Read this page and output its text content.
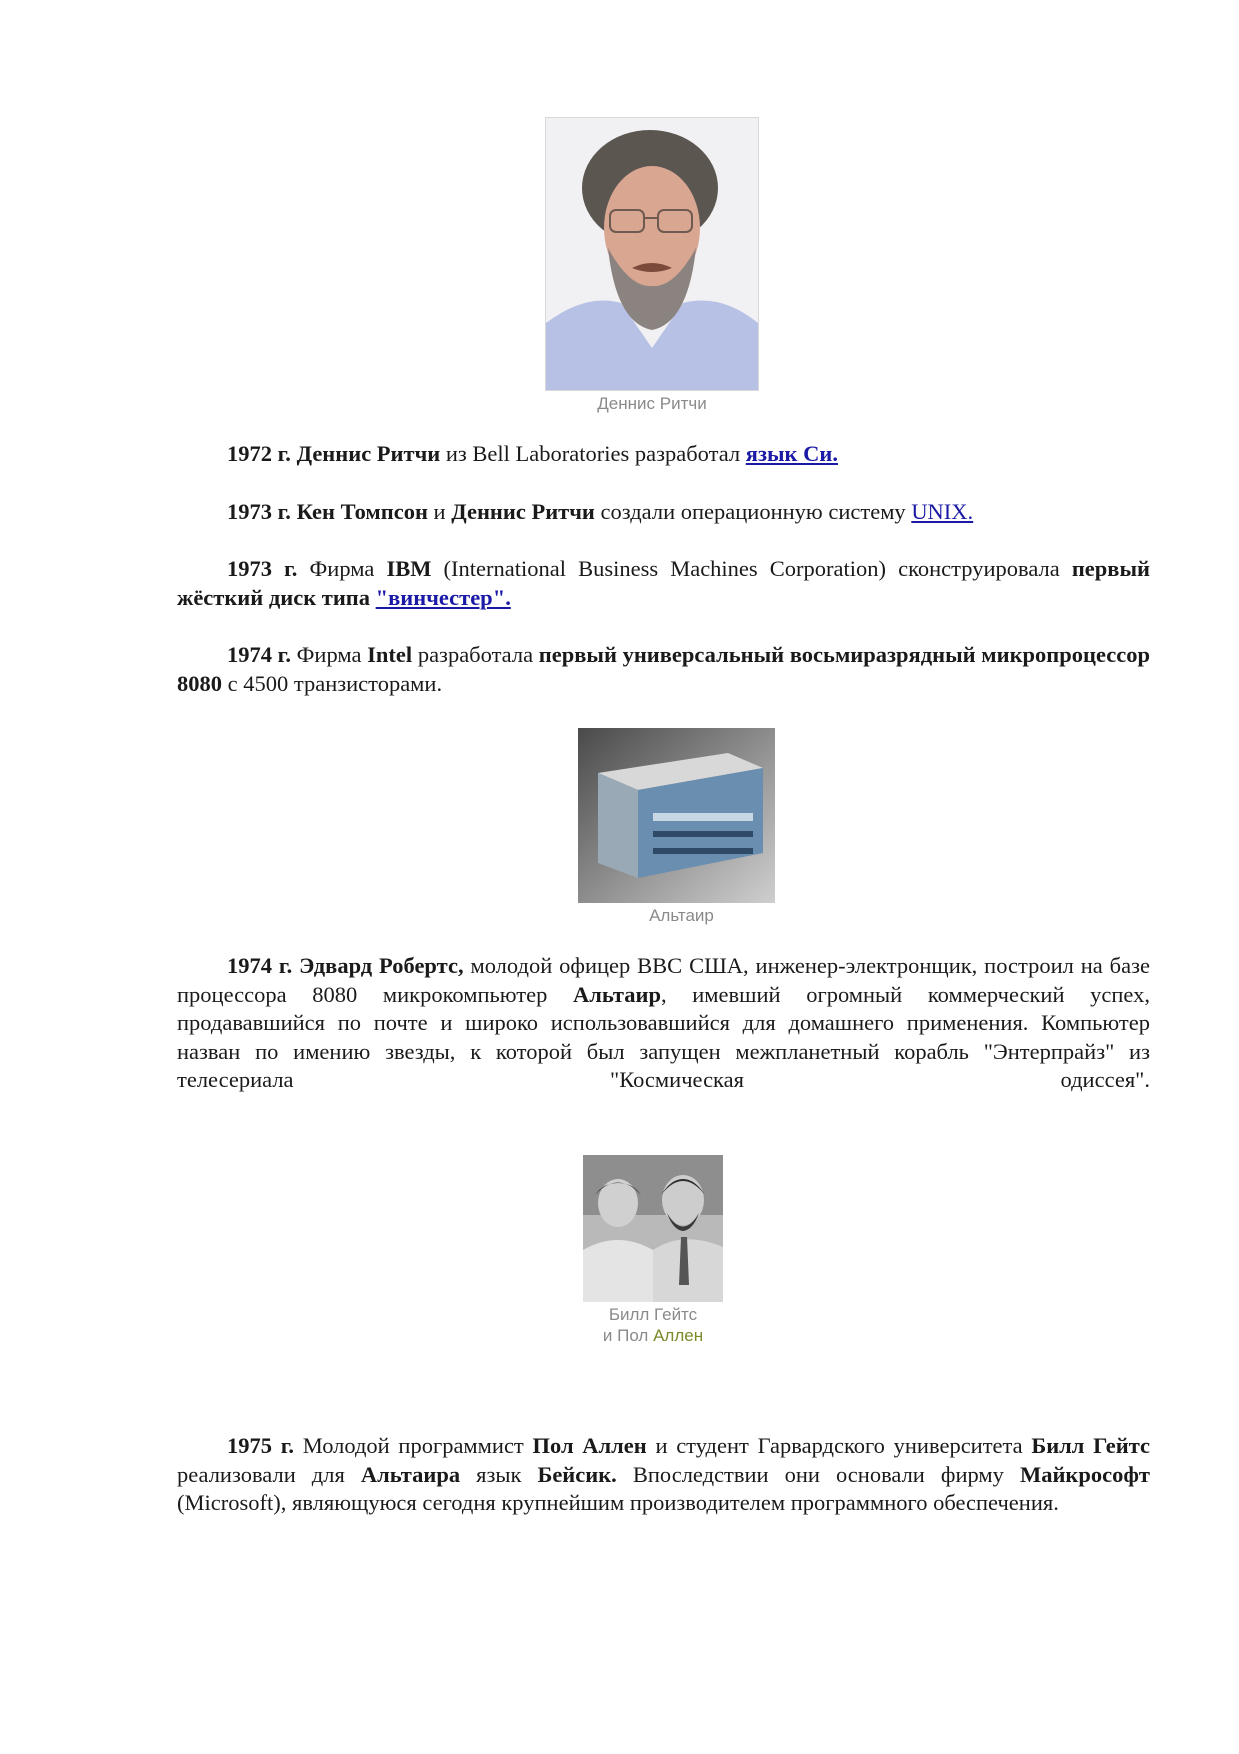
Деннис Ритчи

1972 г. Деннис Ритчи из Bell Laboratories разработал язык Си.

1973 г. Кен Томпсон и Деннис Ритчи создали операционную систему UNIX.

1973 г. Фирма IBM (International Business Machines Corporation) сконструировала первый жёсткий диск типа "винчестер".

1974 г. Фирма Intel разработала первый универсальный восьмиразрядный микропроцессор 8080 с 4500 транзисторами.

Альтаир

1974 г. Эдвард Робертс, молодой офицер ВВС США, инженер-электронщик, построил на базе процессора 8080 микрокомпьютер Альтаир, имевший огромный коммерческий успех, продававшийся по почте и широко использовавшийся для домашнего применения. Компьютер назван по имению звезды, к которой был запущен межпланетный корабль "Энтерпрайз" из телесериала "Космическая одиссея".

Билл Гейтс
и Пол Аллен

1975 г. Молодой программист Пол Аллен и студент Гарвардского университета Билл Гейтс реализовали для Альтаира язык Бейсик. Впоследствии они основали фирму Майкрософт (Microsoft), являющуюся сегодня крупнейшим производителем программного обеспечения.
